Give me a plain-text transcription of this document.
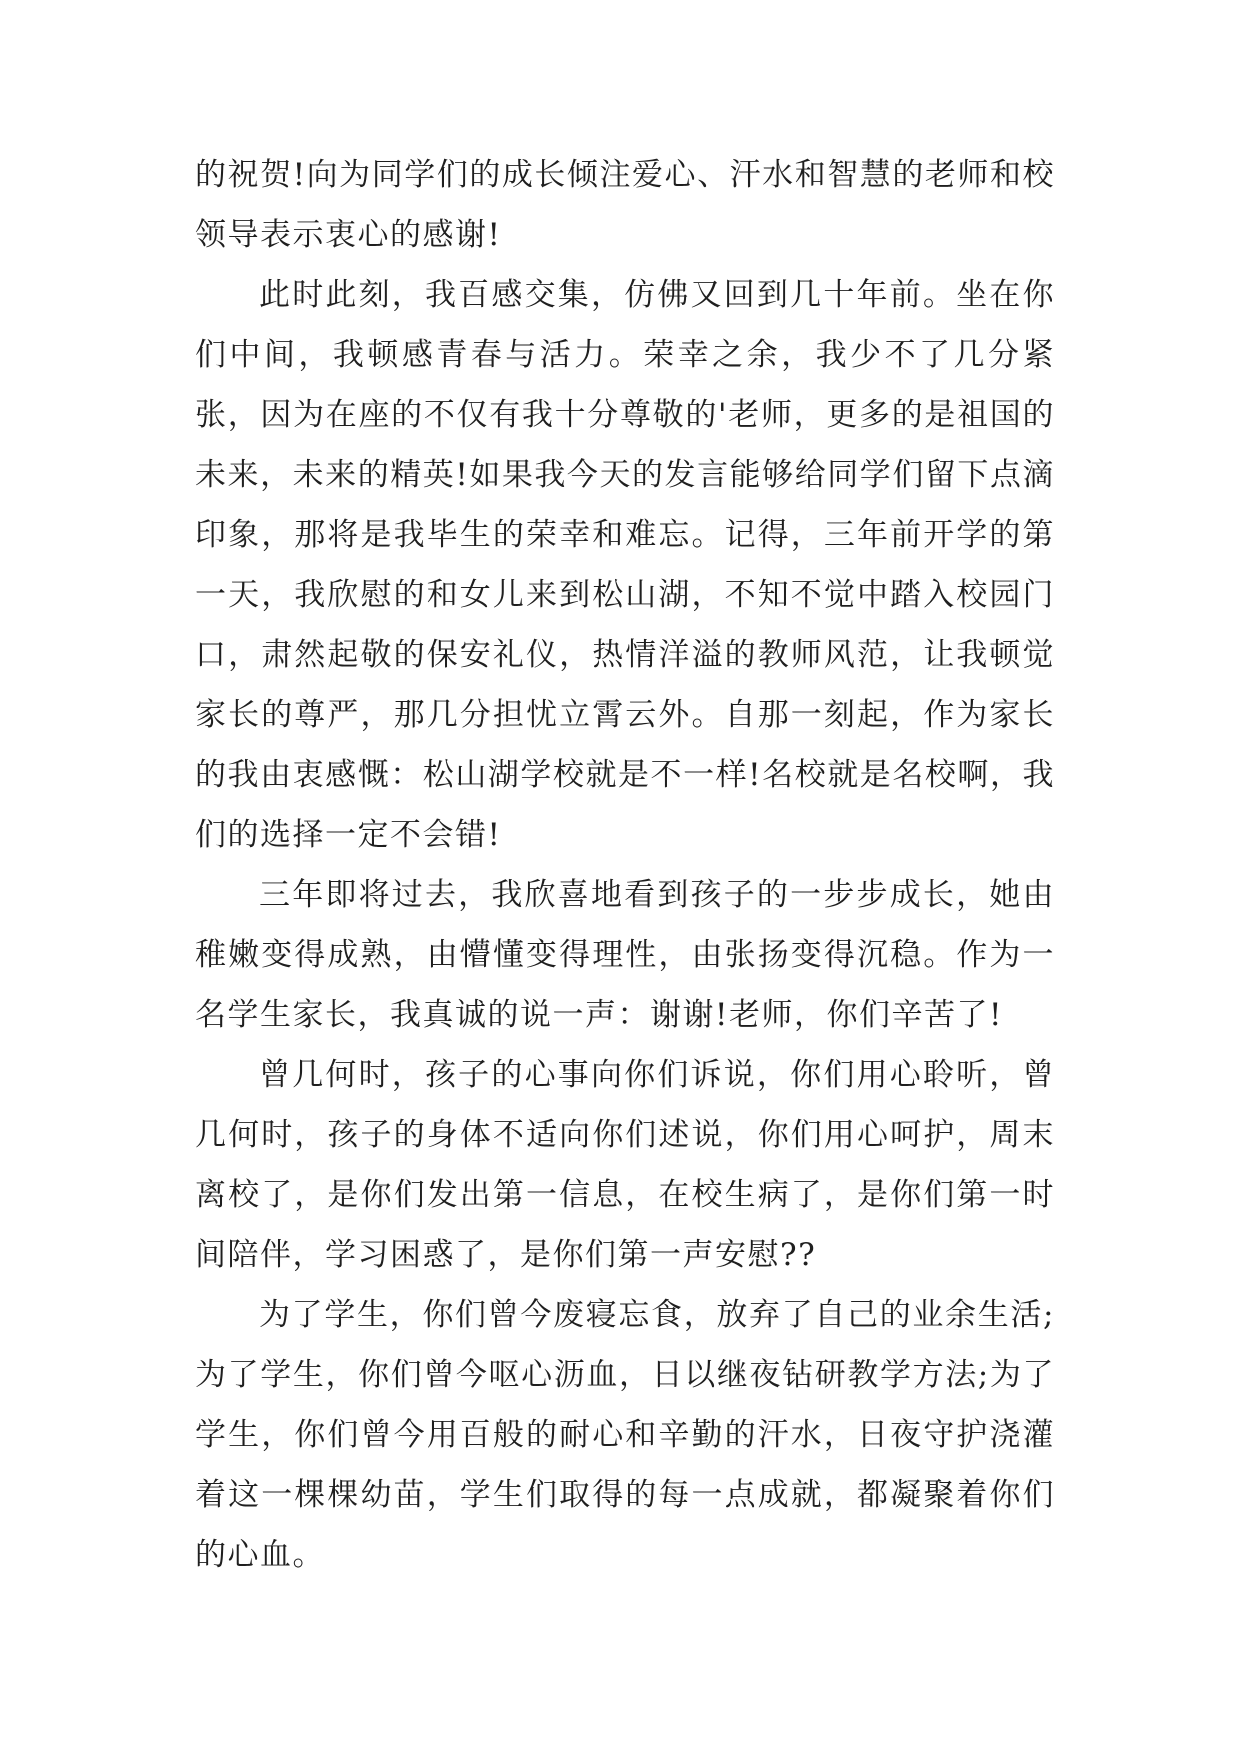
的祝贺!向为同学们的成长倾注爱心、汗水和智慧的老师和校领导表示衷心的感谢!

此时此刻，我百感交集，仿佛又回到几十年前。坐在你们中间，我顿感青春与活力。荣幸之余，我少不了几分紧张，因为在座的不仅有我十分尊敬的'老师，更多的是祖国的未来，未来的精英!如果我今天的发言能够给同学们留下点滴印象，那将是我毕生的荣幸和难忘。记得，三年前开学的第一天，我欣慰的和女儿来到松山湖，不知不觉中踏入校园门口，肃然起敬的保安礼仪，热情洋溢的教师风范，让我顿觉家长的尊严，那几分担忧立霄云外。自那一刻起，作为家长的我由衷感慨：松山湖学校就是不一样!名校就是名校啊，我们的选择一定不会错!

三年即将过去，我欣喜地看到孩子的一步步成长，她由稚嫩变得成熟，由懵懂变得理性，由张扬变得沉稳。作为一名学生家长，我真诚的说一声：谢谢!老师，你们辛苦了!

曾几何时，孩子的心事向你们诉说，你们用心聆听，曾几何时，孩子的身体不适向你们述说，你们用心呵护，周末离校了，是你们发出第一信息，在校生病了，是你们第一时间陪伴，学习困惑了，是你们第一声安慰??

为了学生，你们曾今废寝忘食，放弃了自己的业余生活;为了学生，你们曾今呕心沥血，日以继夜钻研教学方法;为了学生，你们曾今用百般的耐心和辛勤的汗水，日夜守护浇灌着这一棵棵幼苗，学生们取得的每一点成就，都凝聚着你们的心血。
